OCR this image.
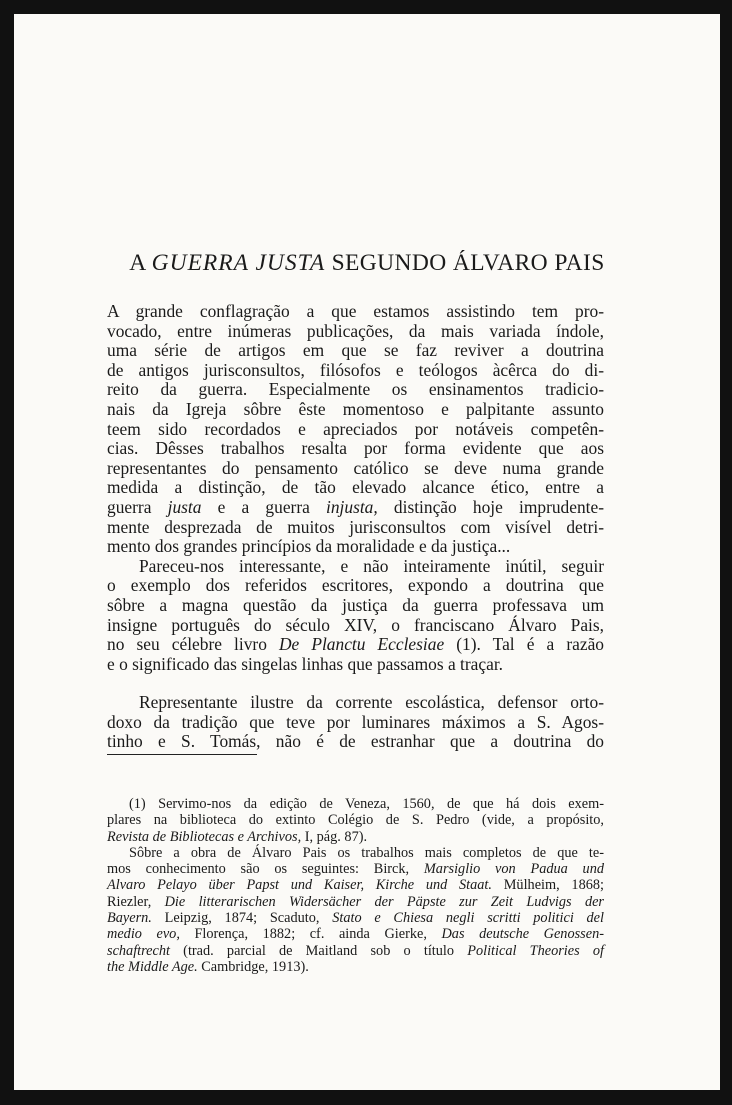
A GUERRA JUSTA SEGUNDO ÁLVARO PAIS
A grande conflagração a que estamos assistindo tem pro-
vocado, entre inúmeras publicações, da mais variada índole,
uma série de artigos em que se faz reviver a doutrina
de antigos jurisconsultos, filósofos e teólogos àcêrca do di-
reito da guerra. Especialmente os ensinamentos tradicio-
nais da Igreja sôbre êste momentoso e palpitante assunto
teem sido recordados e apreciados por notáveis competên-
cias. Dêsses trabalhos resalta por forma evidente que aos
representantes do pensamento católico se deve numa grande
medida a distinção, de tão elevado alcance ético, entre a
guerra justa e a guerra injusta, distinção hoje imprudente-
mente desprezada de muitos jurisconsultos com visível detri-
mento dos grandes princípios da moralidade e da justiça...
Pareceu-nos interessante, e não inteiramente inútil, seguir
o exemplo dos referidos escritores, expondo a doutrina que
sôbre a magna questão da justiça da guerra professava um
insigne português do século XIV, o franciscano Álvaro Pais,
no seu célebre livro De Planctu Ecclesiae (1). Tal é a razão
e o significado das singelas linhas que passamos a traçar.
Representante ilustre da corrente escolástica, defensor orto-
doxo da tradição que teve por luminares máximos a S. Agos-
tinho e S. Tomás, não é de estranhar que a doutrina do
(1) Servimo-nos da edição de Veneza, 1560, de que há dois exem-
plares na biblioteca do extinto Colégio de S. Pedro (vide, a propósito,
Revista de Bibliotecas e Archivos, I, pág. 87).
Sôbre a obra de Álvaro Pais os trabalhos mais completos de que te-
mos conhecimento são os seguintes: Birck, Marsiglio von Padua und
Alvaro Pelayo über Papst und Kaiser, Kirche und Staat. Mülheim, 1868;
Riezler, Die litterarischen Widersächer der Päpste zur Zeit Ludvigs der
Bayern. Leipzig, 1874; Scaduto, Stato e Chiesa negli scritti politici del
medio evo, Florença, 1882; cf. ainda Gierke, Das deutsche Genossen-
schaftrecht (trad. parcial de Maitland sob o título Political Theories of
the Middle Age. Cambridge, 1913).
